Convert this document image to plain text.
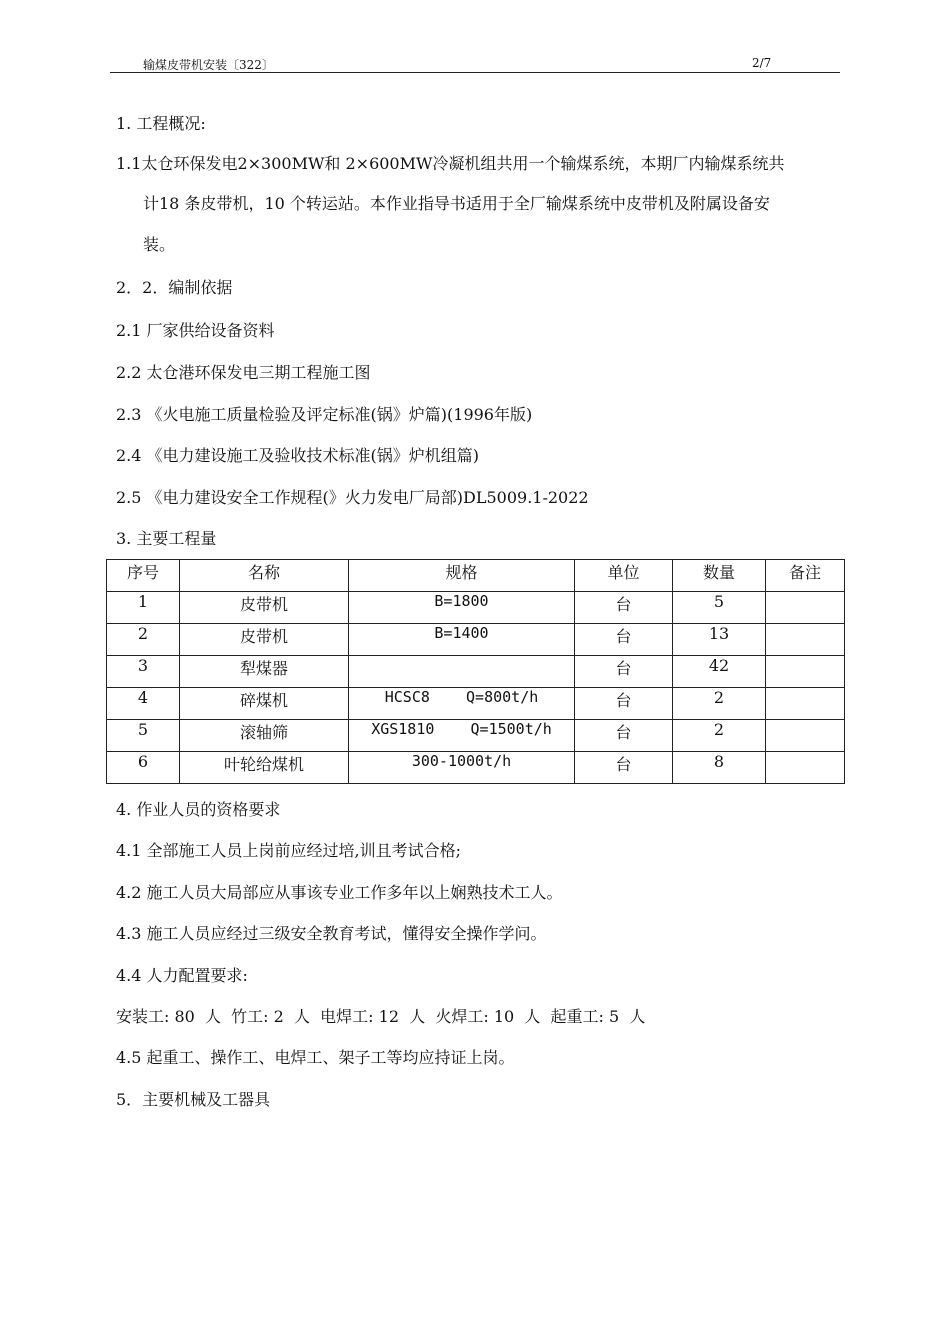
输煤皮带机安装〔322〕	2/7
1. 工程概况:
1.1太仓环保发电2×300MW和 2×600MW冷凝机组共用一个输煤系统，本期厂内输煤系统共
计18 条皮带机，10 个转运站。本作业指导书适用于全厂输煤系统中皮带机及附属设备安
装。
2．2．编制依据
2.1 厂家供给设备资料
2.2 太仓港环保发电三期工程施工图
2.3 《火电施工质量检验及评定标准(锅》炉篇)(1996年版)
2.4 《电力建设施工及验收技术标准(锅》炉机组篇)
2.5 《电力建设安全工作规程(》火力发电厂局部)DL5009.1-2022
3. 主要工程量
序号	名称	规格	单位	数量	备注
1	皮带机	B=1800	台	5	
2	皮带机	B=1400	台	13	
3	犁煤器		台	42	
4	碎煤机	HCSC8    Q=800t/h	台	2	
5	滚轴筛	XGS1810    Q=1500t/h	台	2	
6	叶轮给煤机	300-1000t/h	台	8	
4. 作业人员的资格要求
4.1 全部施工人员上岗前应经过培,训且考试合格;
4.2 施工人员大局部应从事该专业工作多年以上娴熟技术工人。
4.3 施工人员应经过三级安全教育考试，懂得安全操作学问。
4.4 人力配置要求:
安装工: 80  人  竹工: 2  人  电焊工: 12  人  火焊工: 10  人  起重工: 5  人
4.5 起重工、操作工、电焊工、架子工等均应持证上岗。
5．主要机械及工器具
